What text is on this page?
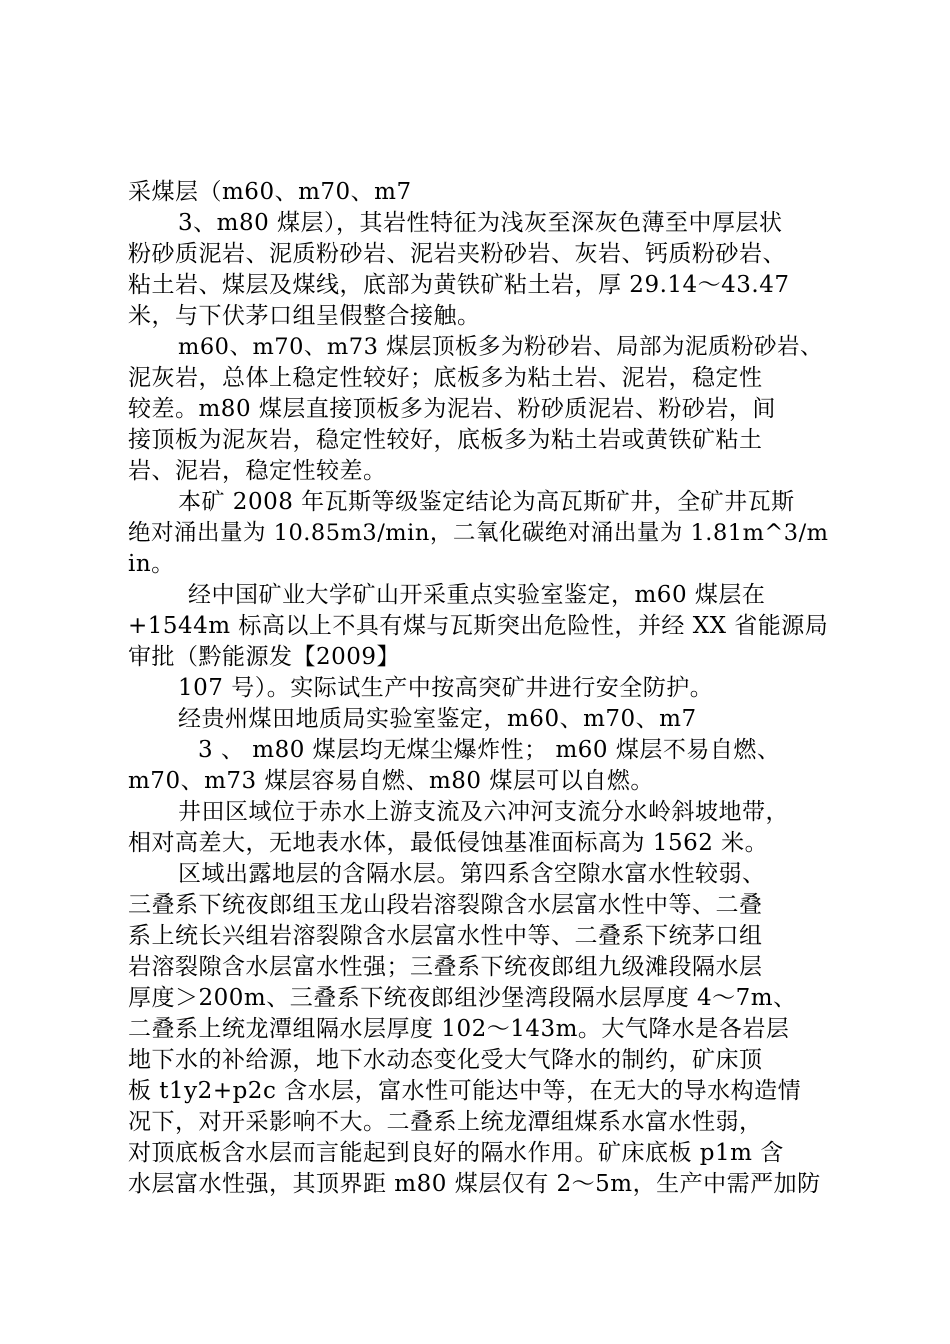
采煤层（m60、m70、m7
3、m80 煤层），其岩性特征为浅灰至深灰色薄至中厚层状
粉砂质泥岩、泥质粉砂岩、泥岩夹粉砂岩、灰岩、钙质粉砂岩、
粘土岩、煤层及煤线，底部为黄铁矿粘土岩，厚 29.14～43.47
米，与下伏茅口组呈假整合接触。
m60、m70、m73 煤层顶板多为粉砂岩、局部为泥质粉砂岩、
泥灰岩，总体上稳定性较好；底板多为粘土岩、泥岩，稳定性
较差。m80 煤层直接顶板多为泥岩、粉砂质泥岩、粉砂岩，间
接顶板为泥灰岩，稳定性较好，底板多为粘土岩或黄铁矿粘土
岩、泥岩，稳定性较差。
本矿 2008 年瓦斯等级鉴定结论为高瓦斯矿井，全矿井瓦斯
绝对涌出量为 10.85m3/min，二氧化碳绝对涌出量为 1.81m^3/m
in。
经中国矿业大学矿山开采重点实验室鉴定，m60 煤层在
+1544m 标高以上不具有煤与瓦斯突出危险性，并经 XX 省能源局
审批（黔能源发【2009】
107 号）。实际试生产中按高突矿井进行安全防护。
经贵州煤田地质局实验室鉴定，m60、m70、m7
3 、 m80 煤层均无煤尘爆炸性； m60 煤层不易自燃、
m70、m73 煤层容易自燃、m80 煤层可以自燃。
井田区域位于赤水上游支流及六冲河支流分水岭斜坡地带，
相对高差大，无地表水体，最低侵蚀基准面标高为 1562 米。
区域出露地层的含隔水层。第四系含空隙水富水性较弱、
三叠系下统夜郎组玉龙山段岩溶裂隙含水层富水性中等、二叠
系上统长兴组岩溶裂隙含水层富水性中等、二叠系下统茅口组
岩溶裂隙含水层富水性强；三叠系下统夜郎组九级滩段隔水层
厚度＞200m、三叠系下统夜郎组沙堡湾段隔水层厚度 4～7m、
二叠系上统龙潭组隔水层厚度 102～143m。大气降水是各岩层
地下水的补给源，地下水动态变化受大气降水的制约，矿床顶
板 t1y2+p2c 含水层，富水性可能达中等，在无大的导水构造情
况下，对开采影响不大。二叠系上统龙潭组煤系水富水性弱，
对顶底板含水层而言能起到良好的隔水作用。矿床底板 p1m 含
水层富水性强，其顶界距 m80 煤层仅有 2～5m，生产中需严加防
